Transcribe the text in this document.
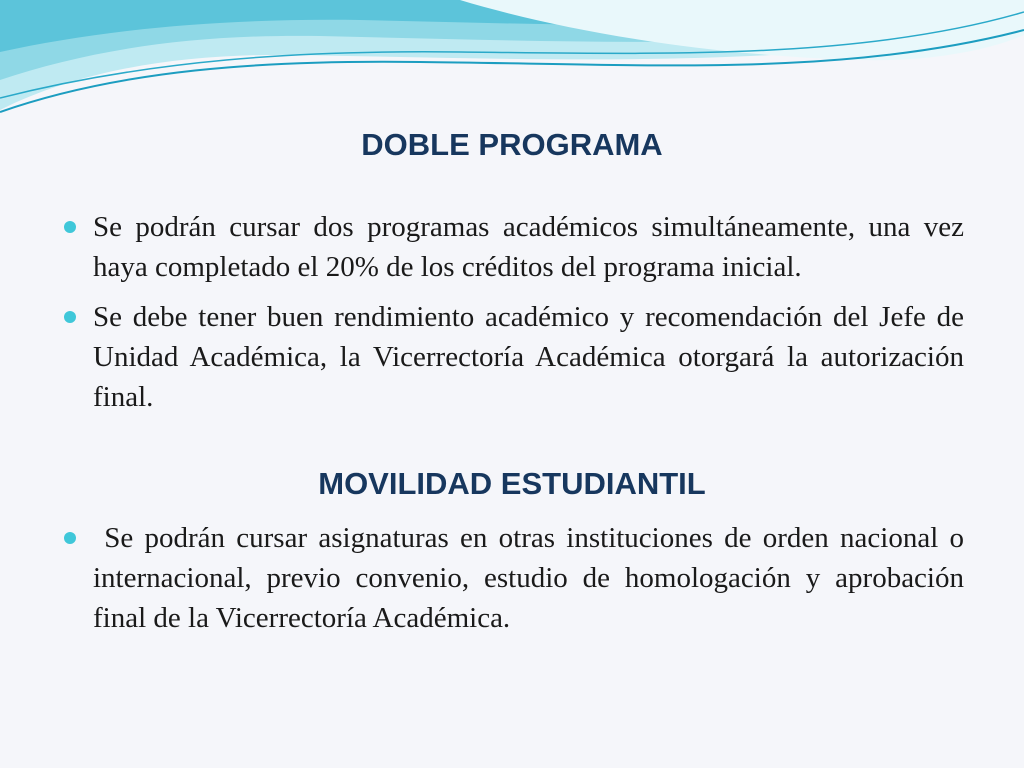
DOBLE PROGRAMA
Se podrán cursar dos programas académicos simultáneamente, una vez haya completado el 20% de los créditos del programa inicial.
Se debe tener buen rendimiento académico y recomendación del Jefe de Unidad Académica, la Vicerrectoría Académica otorgará la autorización final.
MOVILIDAD ESTUDIANTIL
Se podrán cursar asignaturas en otras instituciones de orden nacional o internacional, previo convenio, estudio de homologación y aprobación final de la Vicerrectoría Académica.
